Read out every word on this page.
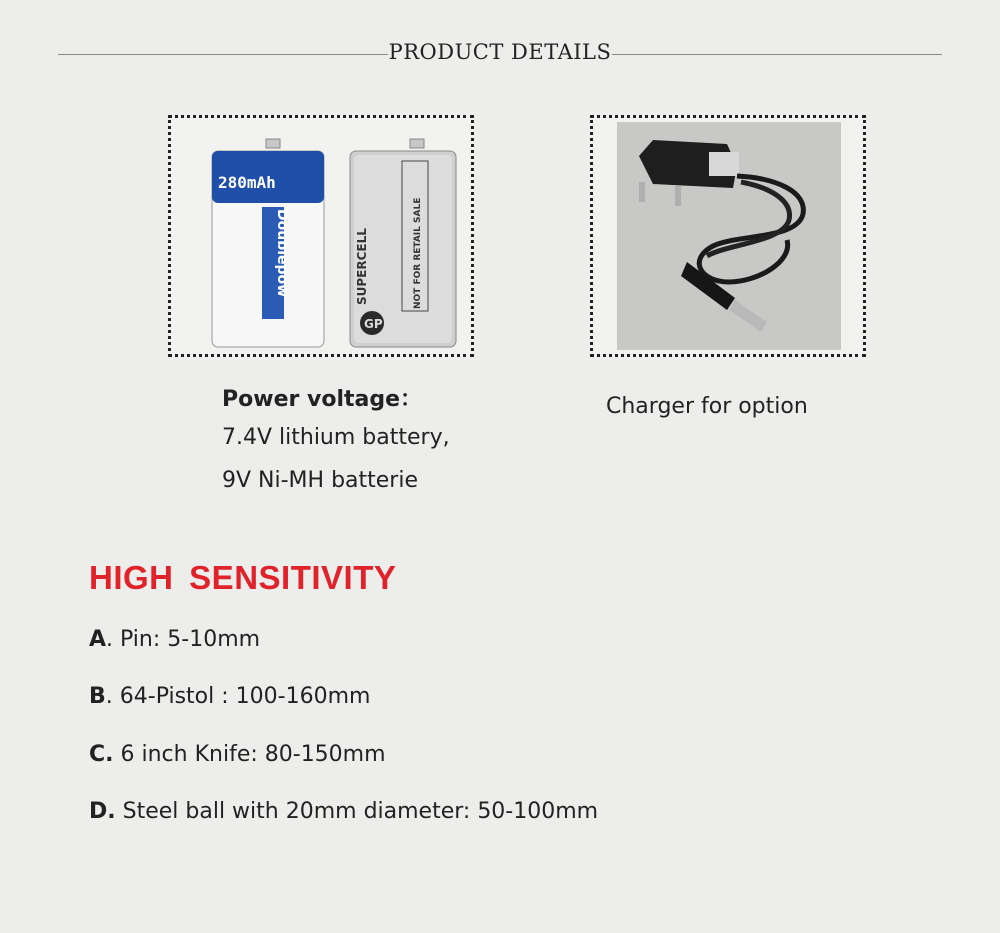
PRODUCT DETAILS
280mAh
Doublepow
GP
SUPERCELL	NOT FOR RETAIL SALE
Power voltage：
7.4V lithium battery,
9V Ni-MH batterie
Charger for option
HIGH SENSITIVITY
A. Pin: 5-10mm
B. 64-Pistol : 100-160mm
C. 6 inch Knife: 80-150mm
D. Steel ball with 20mm diameter: 50-100mm
